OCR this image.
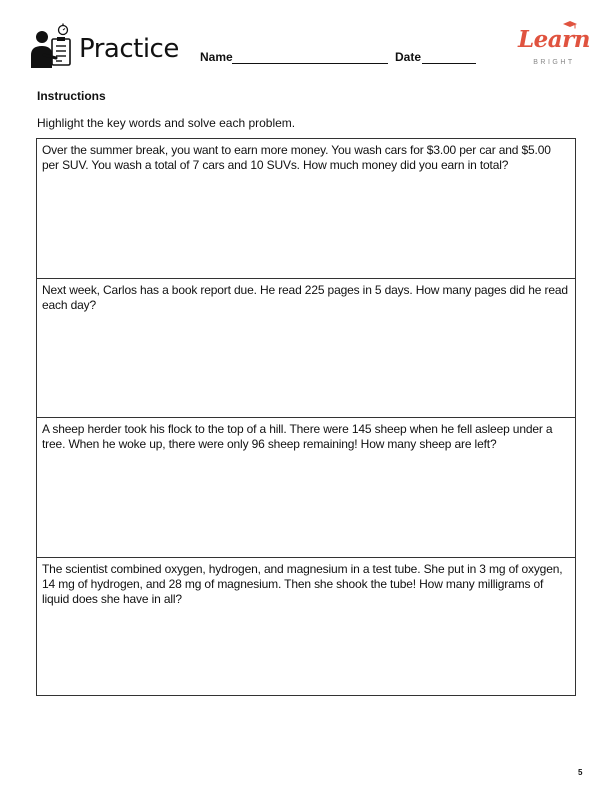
Practice Name	Date
Learn
BRIGHT
Instructions
Highlight the key words and solve each problem.

Over the summer break, you want to earn more money. You wash cars for $3.00 per car and $5.00 per SUV. You wash a total of 7 cars and 10 SUVs. How much money did you earn in total?

Next week, Carlos has a book report due. He read 225 pages in 5 days. How many pages did he read each day?

A sheep herder took his flock to the top of a hill. There were 145 sheep when he fell asleep under a tree. When he woke up, there were only 96 sheep remaining! How many sheep are left?

The scientist combined oxygen, hydrogen, and magnesium in a test tube. She put in 3 mg of oxygen, 14 mg of hydrogen, and 28 mg of magnesium. Then she shook the tube! How many milligrams of liquid does she have in all?

5
